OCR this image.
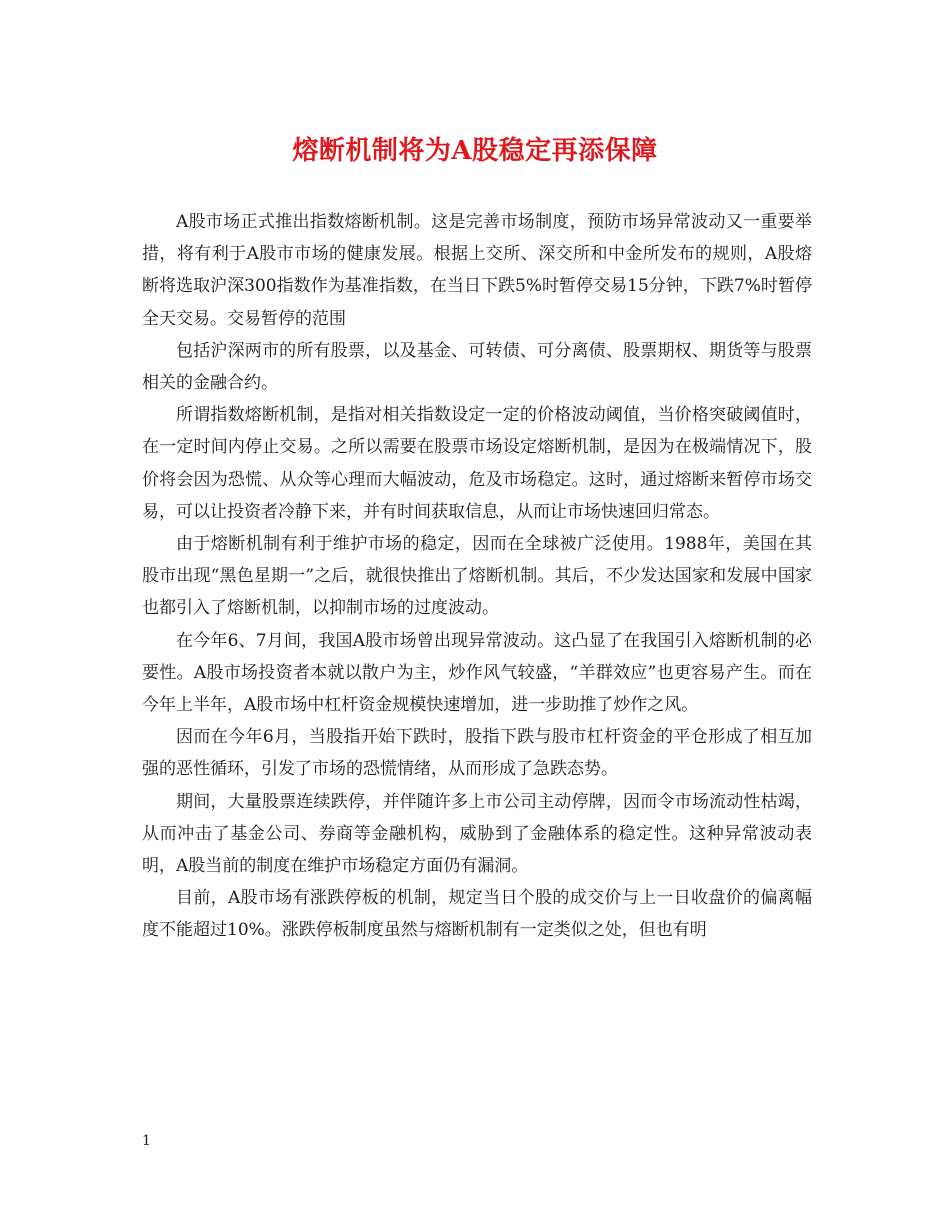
熔断机制将为A股稳定再添保障

A股市场正式推出指数熔断机制。这是完善市场制度，预防市场异常波动又一重要举措，将有利于A股市市场的健康发展。根据上交所、深交所和中金所发布的规则，A股熔断将选取沪深300指数作为基准指数，在当日下跌5%时暂停交易15分钟，下跌7%时暂停全天交易。交易暂停的范围

包括沪深两市的所有股票，以及基金、可转债、可分离债、股票期权、期货等与股票相关的金融合约。

所谓指数熔断机制，是指对相关指数设定一定的价格波动阈值，当价格突破阈值时，在一定时间内停止交易。之所以需要在股票市场设定熔断机制，是因为在极端情况下，股价将会因为恐慌、从众等心理而大幅波动，危及市场稳定。这时，通过熔断来暂停市场交易，可以让投资者冷静下来，并有时间获取信息，从而让市场快速回归常态。

由于熔断机制有利于维护市场的稳定，因而在全球被广泛使用。1988年，美国在其股市出现“黑色星期一”之后，就很快推出了熔断机制。其后，不少发达国家和发展中国家也都引入了熔断机制，以抑制市场的过度波动。

在今年6、7月间，我国A股市场曾出现异常波动。这凸显了在我国引入熔断机制的必要性。A股市场投资者本就以散户为主，炒作风气较盛，“羊群效应”也更容易产生。而在今年上半年，A股市场中杠杆资金规模快速增加，进一步助推了炒作之风。

因而在今年6月，当股指开始下跌时，股指下跌与股市杠杆资金的平仓形成了相互加强的恶性循环，引发了市场的恐慌情绪，从而形成了急跌态势。

期间，大量股票连续跌停，并伴随许多上市公司主动停牌，因而令市场流动性枯竭，从而冲击了基金公司、券商等金融机构，威胁到了金融体系的稳定性。这种异常波动表明，A股当前的制度在维护市场稳定方面仍有漏洞。

目前，A股市场有涨跌停板的机制，规定当日个股的成交价与上一日收盘价的偏离幅度不能超过10%。涨跌停板制度虽然与熔断机制有一定类似之处，但也有明

1
